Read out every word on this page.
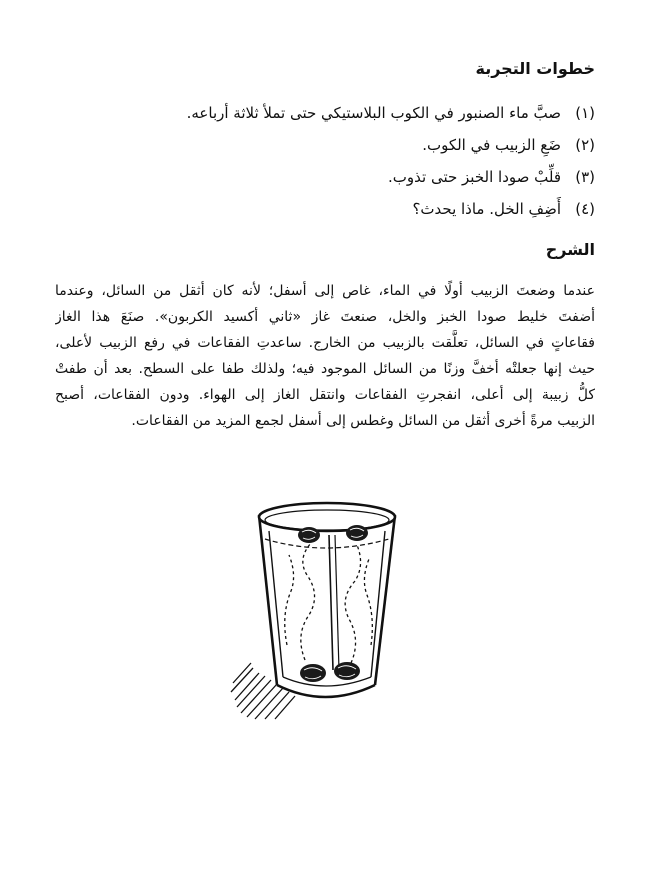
خطوات التجربة
(١)
صبَّ ماء الصنبور في الكوب البلاستيكي حتى تملأ ثلاثة أرباعه.
(٢)
ضَعِ الزبيب في الكوب.
(٣)
قلِّبْ صودا الخبز حتى تذوب.
(٤)
أَضِفِ الخل. ماذا يحدث؟
الشرح
عندما وضعتَ الزبيب أولًا في الماء، غاص إلى أسفل؛ لأنه كان أثقل من السائل، وعندما
أضفتَ خليط صودا الخبز والخل، صنعتَ غاز «ثاني أكسيد الكربون». صنَعَ هذا الغاز
فقاعاتٍ في السائل، تعلَّقت بالزبيب من الخارج. ساعدتِ الفقاعات في رفع الزبيب لأعلى،
حيث إنها جعلتْه أخفَّ وزنًا من السائل الموجود فيه؛ ولذلك طفا على السطح. بعد أن طفتْ
كلُّ زبيبة إلى أعلى، انفجرتِ الفقاعات وانتقل الغاز إلى الهواء. ودون الفقاعات، أصبح
الزبيب مرةً أخرى أثقل من السائل وغطس إلى أسفل لجمع المزيد من الفقاعات.
